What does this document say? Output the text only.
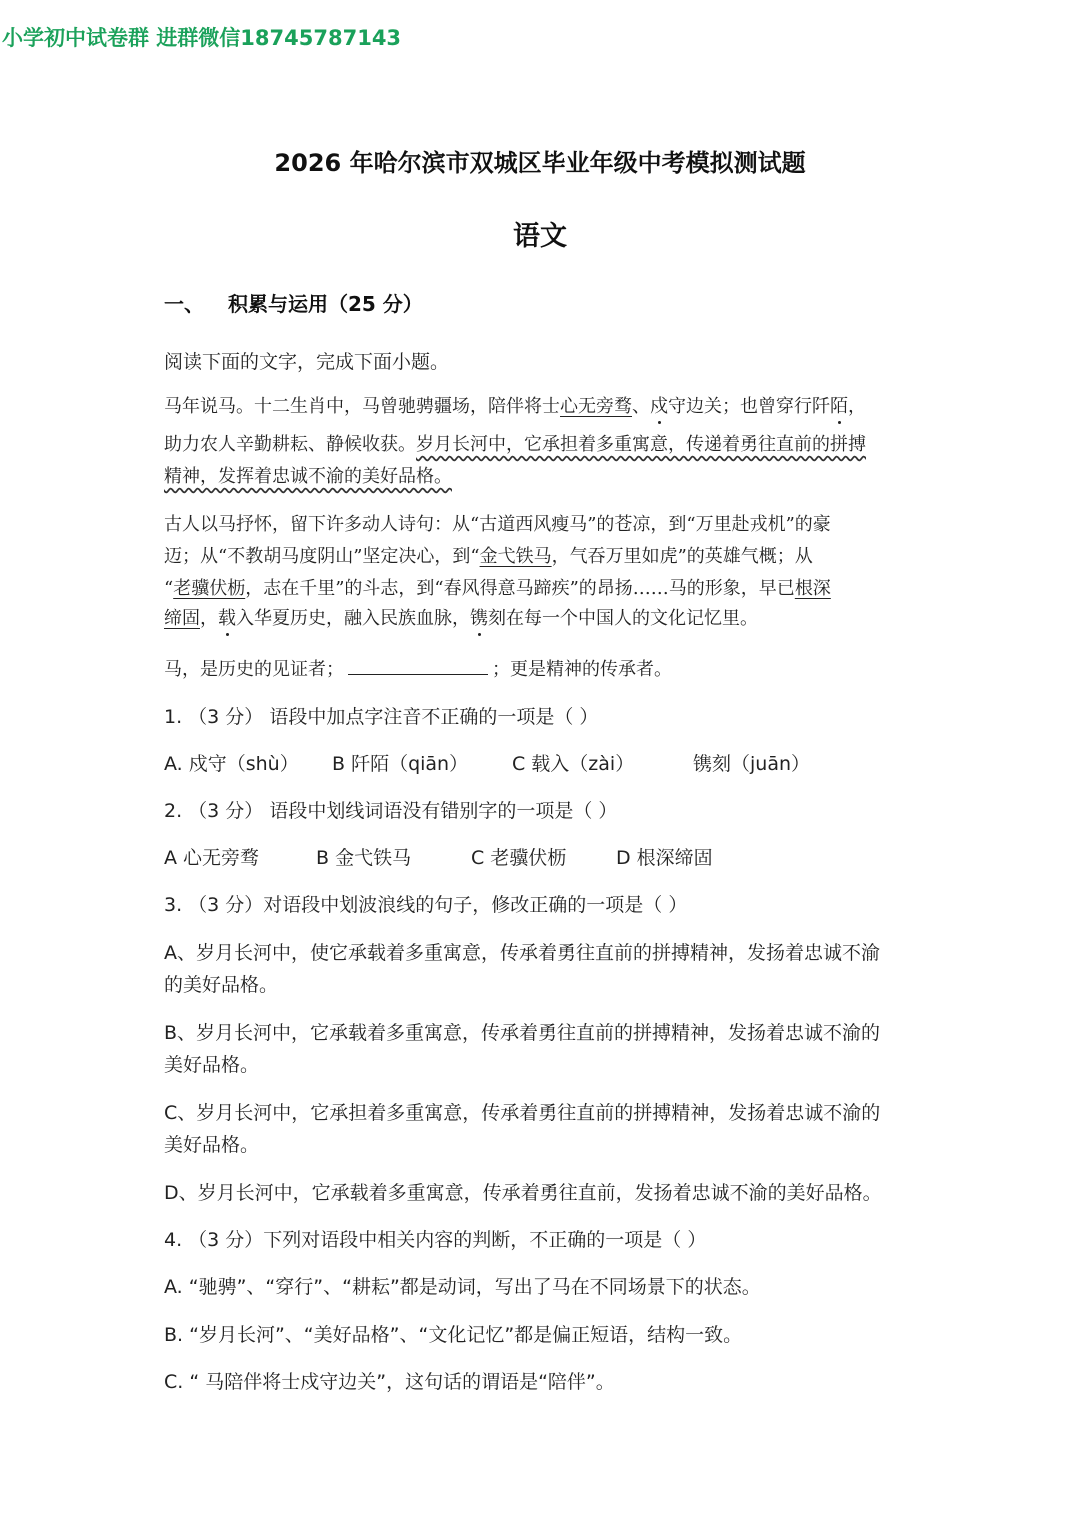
小学初中试卷群 进群微信18745787143
2026 年哈尔滨市双城区毕业年级中考模拟测试题
语文
一、 积累与运用（25 分）
阅读下面的文字，完成下面小题。
马年说马。十二生肖中，马曾驰骋疆场，陪伴将士心无旁骛、戍守边关；也曾穿行阡陌，
助力农人辛勤耕耘、静候收获。岁月长河中，它承担着多重寓意，传递着勇往直前的拼搏
精神，发挥着忠诚不渝的美好品格。
古人以马抒怀，留下许多动人诗句：从“古道西风瘦马”的苍凉，到“万里赴戎机”的豪
迈；从“不教胡马度阴山”坚定决心，到“金弋铁马，气吞万里如虎”的英雄气概；从
“老骥伏枥，志在千里”的斗志，到“春风得意马蹄疾”的昂扬……马的形象，早已根深
缔固，载入华夏历史，融入民族血脉，镌刻在每一个中国人的文化记忆里。
马，是历史的见证者；	；更是精神的传承者。
1. （3 分） 语段中加点字注音不正确的一项是（ ）
A. 戍守（shù） B 阡陌（qiān） C 载入（zài）	镌刻（juān）
2. （3 分） 语段中划线词语没有错别字的一项是（ ）
A 心无旁骛	B 金弋铁马	C 老骥伏枥	D 根深缔固
3. （3 分）对语段中划波浪线的句子，修改正确的一项是（ ）
A、岁月长河中，使它承载着多重寓意，传承着勇往直前的拼搏精神，发扬着忠诚不渝
的美好品格。
B、岁月长河中，它承载着多重寓意，传承着勇往直前的拼搏精神，发扬着忠诚不渝的
美好品格。
C、岁月长河中，它承担着多重寓意，传承着勇往直前的拼搏精神，发扬着忠诚不渝的
美好品格。
D、岁月长河中，它承载着多重寓意，传承着勇往直前，发扬着忠诚不渝的美好品格。
4. （3 分）下列对语段中相关内容的判断，不正确的一项是（ ）
A. “驰骋”、“穿行”、“耕耘”都是动词，写出了马在不同场景下的状态。
B. “岁月长河”、“美好品格”、“文化记忆”都是偏正短语，结构一致。
C. “ 马陪伴将士戍守边关”，这句话的谓语是“陪伴”。
